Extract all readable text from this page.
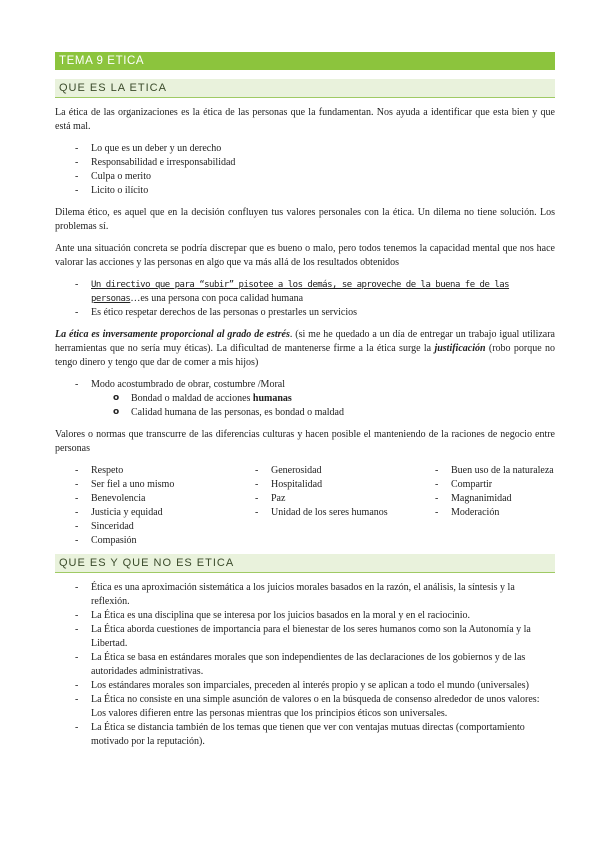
TEMA 9 ETICA
QUE ES LA ETICA

La ética de las organizaciones es la ética de las personas que la fundamentan. Nos ayuda a identificar que esta bien y que está mal.

- Lo que es un deber y un derecho
- Responsabilidad e irresponsabilidad
- Culpa o merito
- Licito o ilícito

Dilema ético, es aquel que en la decisión confluyen tus valores personales con la ética. Un dilema no tiene solución. Los problemas sí.

Ante una situación concreta se podría discrepar que es bueno o malo, pero todos tenemos la capacidad mental que nos hace valorar las acciones y las personas en algo que va más allá de los resultados obtenidos

- Un directivo que para “subir” pisotee a los demás, se aproveche de la buena fe de las personas…es una persona con poca calidad humana
- Es ético respetar derechos de las personas o prestarles un servicios

La ética es inversamente proporcional al grado de estrés. (si me he quedado a un día de entregar un trabajo igual utilizara herramientas que no sería muy éticas). La dificultad de mantenerse firme a la ética surge la justificación (robo porque no tengo dinero y tengo que dar de comer a mis hijos)

- Modo acostumbrado de obrar, costumbre /Moral
o Bondad o maldad de acciones humanas
o Calidad humana de las personas, es bondad o maldad

Valores o normas que transcurre de las diferencias culturas y hacen posible el manteniendo de la raciones de negocio entre personas

- Respeto
- Ser fiel a uno mismo
- Benevolencia
- Justicia y equidad
- Sinceridad
- Compasión
- Generosidad
- Hospitalidad
- Paz
- Unidad de los seres humanos
- Buen uso de la naturaleza
- Compartir
- Magnanimidad
- Moderación
QUE ES Y QUE NO ES ETICA
- Ética es una aproximación sistemática a los juicios morales basados en la razón, el análisis, la síntesis y la reflexión.
- La Ética es una disciplina que se interesa por los juicios basados en la moral y en el raciocinio.
- La Ética aborda cuestiones de importancia para el bienestar de los seres humanos como son la Autonomía y la Libertad.
- La Ética se basa en estándares morales que son independientes de las declaraciones de los gobiernos y de las autoridades administrativas.
- Los estándares morales son imparciales, preceden al interés propio y se aplican a todo el mundo (universales)
- La Ética no consiste en una simple asunción de valores o en la búsqueda de consenso alrededor de unos valores: Los valores difieren entre las personas mientras que los principios éticos son universales.
- La Ética se distancia también de los temas que tienen que ver con ventajas mutuas directas (comportamiento motivado por la reputación).
